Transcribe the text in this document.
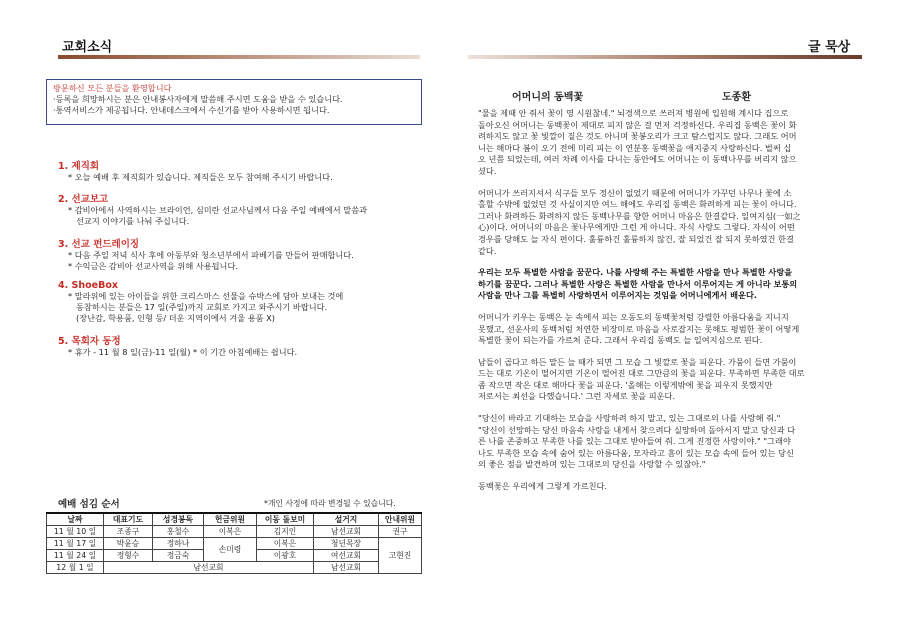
교회소식	글 묵상
방문하신 모든 분들을 환영합니다
·등록을 희망하시는 분은 안내봉사자에게 말씀해 주시면 도움을 받을 수 있습니다.
·통역서비스가 제공됩니다. 안내데스크에서 수신기를 받아 사용하시면 됩니다.
1. 제직회
* 오늘 예배 후 제직회가 있습니다. 제직들은 모두 참여해 주시기 바랍니다.
2. 선교보고
* 감비아에서 사역하시는 브라이언, 심미란 선교사님께서 다음 주일 예배에서 말씀과
선교지 이야기를 나눠 주십니다.
3. 선교 펀드레이징
* 다음 주일 저녁 식사 후에 아동부와 청소년부에서 파베기를 만들어 판매합니다.
* 수익금은 감비아 선교사역을 위해 사용됩니다.
4. ShoeBox
* 말라위에 있는 아이들을 위한 크리스마스 선물을 슈박스에 담아 보내는 것에
동참하시는 분들은 17 일(주일)까지 교회로 가지고 와주시기 바랍니다.
(장난감, 학용품, 인형 등/ 더운 지역이에서 겨울 용품 X)
5. 목회자 동정
* 휴가 - 11 월 8 일(금)-11 일(월) * 이 기간 아침예배는 쉽니다.
예배 섬김 순서	*개인 사정에 따라 변경될 수 있습니다.
날짜	대표기도	성경봉독	헌금위원	이동 돌보미	설거지	안내위원
11 월 10 일	조종구	홍철수	이복은	김지인	남선교회	권구
11 월 17 일	박윤승	정하나	손미령	이복은	청년목장	고현진
11 월 24 일	정형수	정금숙		이광호	여선교회	
12 월 1 일	남선교회				남선교회	
어머니의 동백꽃	도종환
"물을 제때 안 줘서 꽃이 영 시원찮네." 뇌경색으로 쓰러져 병원에 입원해 계시다 집으로
돌아오신 어머니는 동백꽃이 제대로 피지 않은 걸 먼저 걱정하신다. 우리집 동백은 꽃이 화
려하지도 않고 꽃 빛깔이 짙은 것도 아니며 꽃봉오리가 크고 탐스럽지도 않다. 그래도 어머
니는 해마다 봄이 오기 전에 미리 피는 이 연분홍 동백꽃을 애지중지 사랑하신다. 벌써 십
오 년쯤 되었는데, 여러 차례 이사를 다니는 동안에도 어머니는 이 동백나무를 버리지 않으
셨다.
어머니가 쓰러지셔서 식구들 모두 정신이 없었기 때문에 어머니가 가꾸던 나무나 꽃에 소
홀할 수밖에 없었던 것 사실이지만 여느 해에도 우리집 동백은 화려하게 피는 꽃이 아니다.
그러나 화려하든 화려하지 않든 동백나무를 향한 어머니 마음은 한결같다. 일여지심(一如之
心)이다. 어머니의 마음은 꽃나무에게만 그런 게 아니다. 자식 사랑도 그렇다. 자식이 어떤
경우를 당해도 늘 자식 편이다. 훌륭하건 훌륭하지 않건, 잘 되었건 잘 되지 못하였건 한결
같다.
우리는 모두 특별한 사람을 꿈꾼다. 나를 사랑해 주는 특별한 사람을 만나 특별한 사랑을
하기를 꿈꾼다. 그러나 특별한 사랑은 특별한 사람을 만나서 이루어지는 게 아니라 보통의
사람을 만나 그를 특별히 사랑하면서 이루어지는 것임을 어머니에게서 배운다.
어머니가 키우는 동백은 눈 속에서 피는 오동도의 동백꽃처럼 강렬한 아름다움을 지니지
못했고, 선운사의 동백처럼 처연한 비장미로 마음을 사로잡지는 못해도 평범한 꽃이 어떻게
특별한 꽃이 되는가를 가르쳐 준다. 그래서 우리집 동백도 늘 일여지심으로 핀다.
남들이 곱다고 하든 말든 늘 때가 되면 그 모습 그 빛깔로 꽃을 피운다. 가뭄이 들면 가뭄이
드는 대로 기온이 떨어지면 기온이 떨어진 대로 그만큼의 꽃을 피운다. 부족하면 부족한 대로
좀 작으면 작은 대로 해마다 꽃을 피운다. '올해는 이렇게밖에 꽃을 피우지 못했지만
저로서는 최선을 다했습니다.' 그런 자세로 꽃을 피운다.
"당신이 바라고 기대하는 모습을 사랑하려 하지 말고, 있는 그대로의 나를 사랑해 줘."
"당신이 선망하는 당신 마음속 사랑을 내게서 찾으려다 실망하며 돌아서지 말고 당신과 다
른 나를 존중하고 부족한 나를 있는 그대로 받아들여 줘. 그게 진정한 사랑이야." "그래야
나도 부족한 모습 속에 숨어 있는 아름다움, 모자라고 흠이 있는 모습 속에 들어 있는 당신
의 좋은 점을 발견하며 있는 그대로의 당신을 사랑할 수 있잖아."
동백꽃은 우리에게 그렇게 가르친다.
